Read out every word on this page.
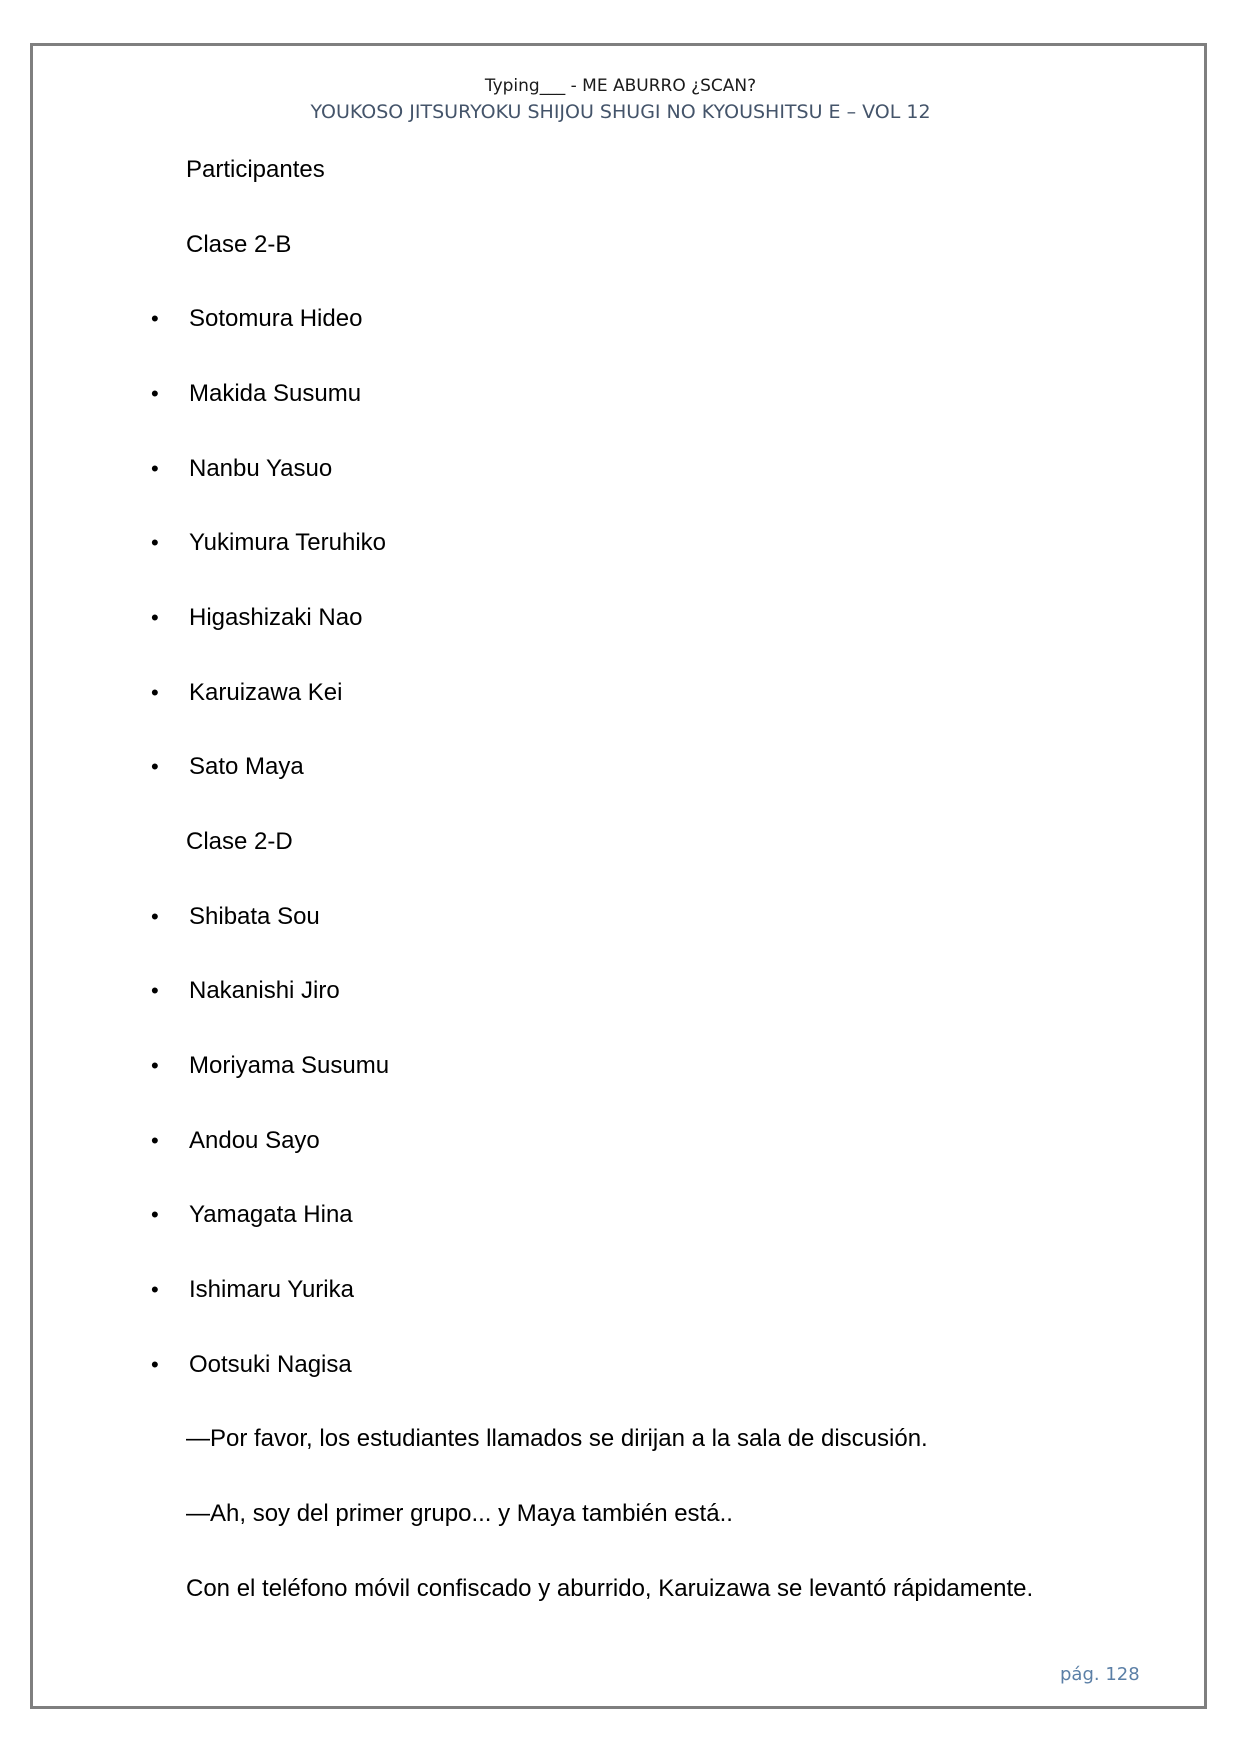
Typing___ - ME ABURRO ¿SCAN?
YOUKOSO JITSURYOKU SHIJOU SHUGI NO KYOUSHITSU E – VOL 12
Participantes
Clase 2-B
• Sotomura Hideo
• Makida Susumu
• Nanbu Yasuo
• Yukimura Teruhiko
• Higashizaki Nao
• Karuizawa Kei
• Sato Maya
Clase 2-D
• Shibata Sou
• Nakanishi Jiro
• Moriyama Susumu
• Andou Sayo
• Yamagata Hina
• Ishimaru Yurika
• Ootsuki Nagisa
—Por favor, los estudiantes llamados se dirijan a la sala de discusión.
—Ah, soy del primer grupo... y Maya también está..
Con el teléfono móvil confiscado y aburrido, Karuizawa se levantó rápidamente.
pág. 128
